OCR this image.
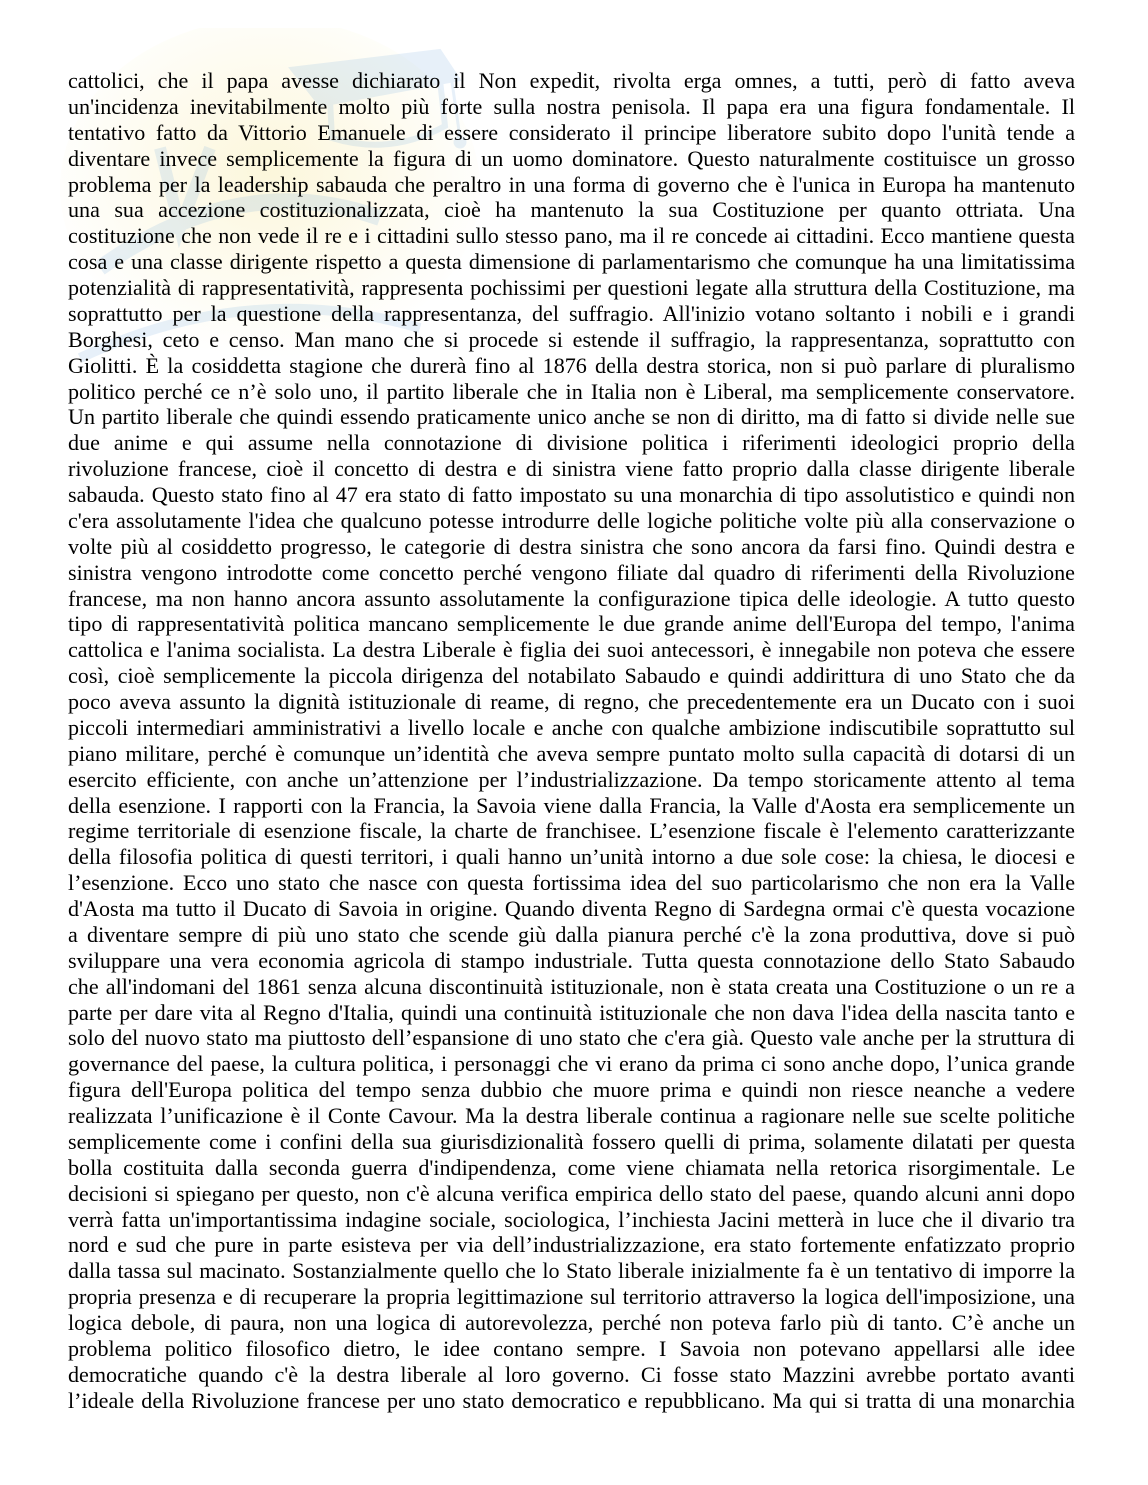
cattolici, che il papa avesse dichiarato il Non expedit, rivolta erga omnes, a tutti, però di fatto aveva
un'incidenza inevitabilmente molto più forte sulla nostra penisola. Il papa era una figura fondamentale. Il
tentativo fatto da Vittorio Emanuele di essere considerato il principe liberatore subito dopo l'unità tende a
diventare invece semplicemente la figura di un uomo dominatore. Questo naturalmente costituisce un grosso
problema per la leadership sabauda che peraltro in una forma di governo che è l'unica in Europa ha mantenuto
una sua accezione costituzionalizzata, cioè ha mantenuto la sua Costituzione per quanto ottriata. Una
costituzione che non vede il re e i cittadini sullo stesso pano, ma il re concede ai cittadini. Ecco mantiene questa
cosa e una classe dirigente rispetto a questa dimensione di parlamentarismo che comunque ha una limitatissima
potenzialità di rappresentatività, rappresenta pochissimi per questioni legate alla struttura della Costituzione, ma
soprattutto per la questione della rappresentanza, del suffragio. All'inizio votano soltanto i nobili e i grandi
Borghesi, ceto e censo. Man mano che si procede si estende il suffragio, la rappresentanza, soprattutto con
Giolitti. È la cosiddetta stagione che durerà fino al 1876 della destra storica, non si può parlare di pluralismo
politico perché ce n’è solo uno, il partito liberale che in Italia non è Liberal, ma semplicemente conservatore.
Un partito liberale che quindi essendo praticamente unico anche se non di diritto, ma di fatto si divide nelle sue
due anime e qui assume nella connotazione di divisione politica i riferimenti ideologici proprio della
rivoluzione francese, cioè il concetto di destra e di sinistra viene fatto proprio dalla classe dirigente liberale
sabauda. Questo stato fino al 47 era stato di fatto impostato su una monarchia di tipo assolutistico e quindi non
c'era assolutamente l'idea che qualcuno potesse introdurre delle logiche politiche volte più alla conservazione o
volte più al cosiddetto progresso, le categorie di destra sinistra che sono ancora da farsi fino. Quindi destra e
sinistra vengono introdotte come concetto perché vengono filiate dal quadro di riferimenti della Rivoluzione
francese, ma non hanno ancora assunto assolutamente la configurazione tipica delle ideologie. A tutto questo
tipo di rappresentatività politica mancano semplicemente le due grande anime dell'Europa del tempo, l'anima
cattolica e l'anima socialista. La destra Liberale è figlia dei suoi antecessori, è innegabile non poteva che essere
così, cioè semplicemente la piccola dirigenza del notabilato Sabaudo e quindi addirittura di uno Stato che da
poco aveva assunto la dignità istituzionale di reame, di regno, che precedentemente era un Ducato con i suoi
piccoli intermediari amministrativi a livello locale e anche con qualche ambizione indiscutibile soprattutto sul
piano militare, perché è comunque un’identità che aveva sempre puntato molto sulla capacità di dotarsi di un
esercito efficiente, con anche un’attenzione per l’industrializzazione. Da tempo storicamente attento al tema
della esenzione. I rapporti con la Francia, la Savoia viene dalla Francia, la Valle d'Aosta era semplicemente un
regime territoriale di esenzione fiscale, la charte de franchisee. L’esenzione fiscale è l'elemento caratterizzante
della filosofia politica di questi territori, i quali hanno un’unità intorno a due sole cose: la chiesa, le diocesi e
l’esenzione. Ecco uno stato che nasce con questa fortissima idea del suo particolarismo che non era la Valle
d'Aosta ma tutto il Ducato di Savoia in origine. Quando diventa Regno di Sardegna ormai c'è questa vocazione
a diventare sempre di più uno stato che scende giù dalla pianura perché c'è la zona produttiva, dove si può
sviluppare una vera economia agricola di stampo industriale. Tutta questa connotazione dello Stato Sabaudo
che all'indomani del 1861 senza alcuna discontinuità istituzionale, non è stata creata una Costituzione o un re a
parte per dare vita al Regno d'Italia, quindi una continuità istituzionale che non dava l'idea della nascita tanto e
solo del nuovo stato ma piuttosto dell’espansione di uno stato che c'era già. Questo vale anche per la struttura di
governance del paese, la cultura politica, i personaggi che vi erano da prima ci sono anche dopo, l’unica grande
figura dell'Europa politica del tempo senza dubbio che muore prima e quindi non riesce neanche a vedere
realizzata l’unificazione è il Conte Cavour. Ma la destra liberale continua a ragionare nelle sue scelte politiche
semplicemente come i confini della sua giurisdizionalità fossero quelli di prima, solamente dilatati per questa
bolla costituita dalla seconda guerra d'indipendenza, come viene chiamata nella retorica risorgimentale. Le
decisioni si spiegano per questo, non c'è alcuna verifica empirica dello stato del paese, quando alcuni anni dopo
verrà fatta un'importantissima indagine sociale, sociologica, l’inchiesta Jacini metterà in luce che il divario tra
nord e sud che pure in parte esisteva per via dell’industrializzazione, era stato fortemente enfatizzato proprio
dalla tassa sul macinato. Sostanzialmente quello che lo Stato liberale inizialmente fa è un tentativo di imporre la
propria presenza e di recuperare la propria legittimazione sul territorio attraverso la logica dell'imposizione, una
logica debole, di paura, non una logica di autorevolezza, perché non poteva farlo più di tanto. C’è anche un
problema politico filosofico dietro, le idee contano sempre. I Savoia non potevano appellarsi alle idee
democratiche quando c'è la destra liberale al loro governo. Ci fosse stato Mazzini avrebbe portato avanti
l’ideale della Rivoluzione francese per uno stato democratico e repubblicano. Ma qui si tratta di una monarchia
